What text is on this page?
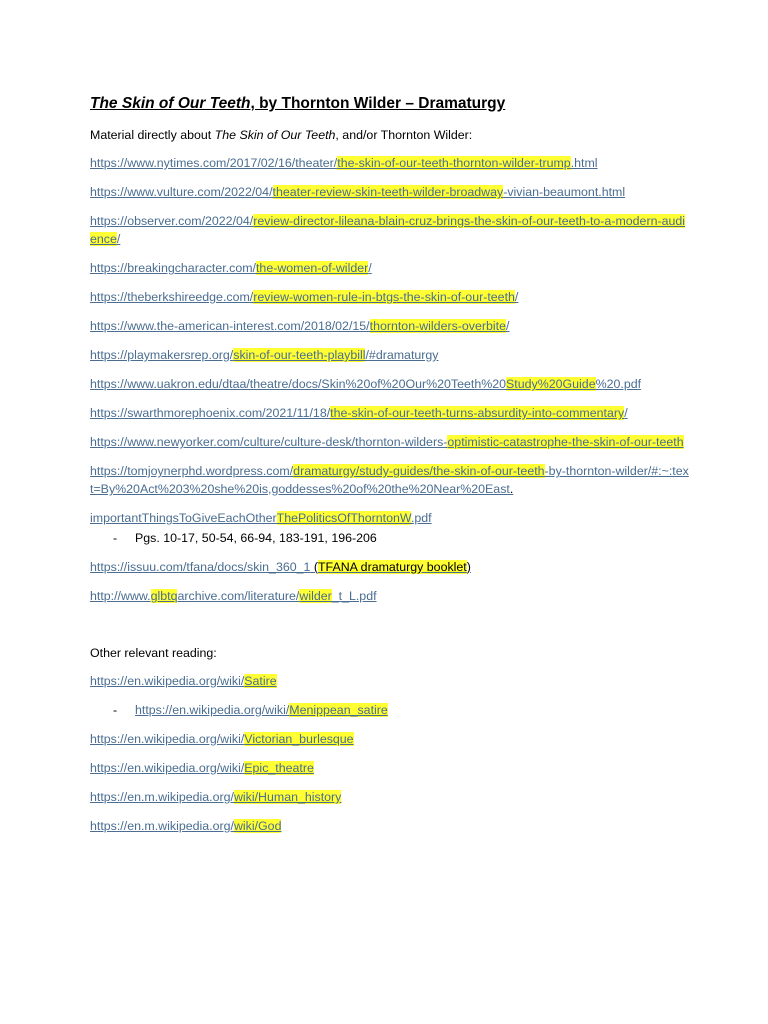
The Skin of Our Teeth, by Thornton Wilder – Dramaturgy

Material directly about The Skin of Our Teeth, and/or Thornton Wilder:

https://www.nytimes.com/2017/02/16/theater/the-skin-of-our-teeth-thornton-wilder-trump.html

https://www.vulture.com/2022/04/theater-review-skin-teeth-wilder-broadway-vivian-beaumont.html

https://observer.com/2022/04/review-director-lileana-blain-cruz-brings-the-skin-of-our-teeth-to-a-modern-audience/

https://breakingcharacter.com/the-women-of-wilder/

https://theberkshireedge.com/review-women-rule-in-btgs-the-skin-of-our-teeth/

https://www.the-american-interest.com/2018/02/15/thornton-wilders-overbite/

https://playmakersrep.org/skin-of-our-teeth-playbill/#dramaturgy

https://www.uakron.edu/dtaa/theatre/docs/Skin%20of%20Our%20Teeth%20Study%20Guide%20.pdf

https://swarthmorephoenix.com/2021/11/18/the-skin-of-our-teeth-turns-absurdity-into-commentary/

https://www.newyorker.com/culture/culture-desk/thornton-wilders-optimistic-catastrophe-the-skin-of-our-teeth

https://tomjoynerphd.wordpress.com/dramaturgy/study-guides/the-skin-of-our-teeth-by-thornton-wilder/#:~:text=By%20Act%203%20she%20is,goddesses%20of%20the%20Near%20East.

importantThingsToGiveEachOtherThePoliticsOfThorntonW.pdf

- Pgs. 10-17, 50-54, 66-94, 183-191, 196-206

https://issuu.com/tfana/docs/skin_360_1 (TFANA dramaturgy booklet)

http://www.glbtqarchive.com/literature/wilder_t_L.pdf

Other relevant reading:

https://en.wikipedia.org/wiki/Satire

- https://en.wikipedia.org/wiki/Menippean_satire

https://en.wikipedia.org/wiki/Victorian_burlesque

https://en.wikipedia.org/wiki/Epic_theatre

https://en.m.wikipedia.org/wiki/Human_history

https://en.m.wikipedia.org/wiki/God
